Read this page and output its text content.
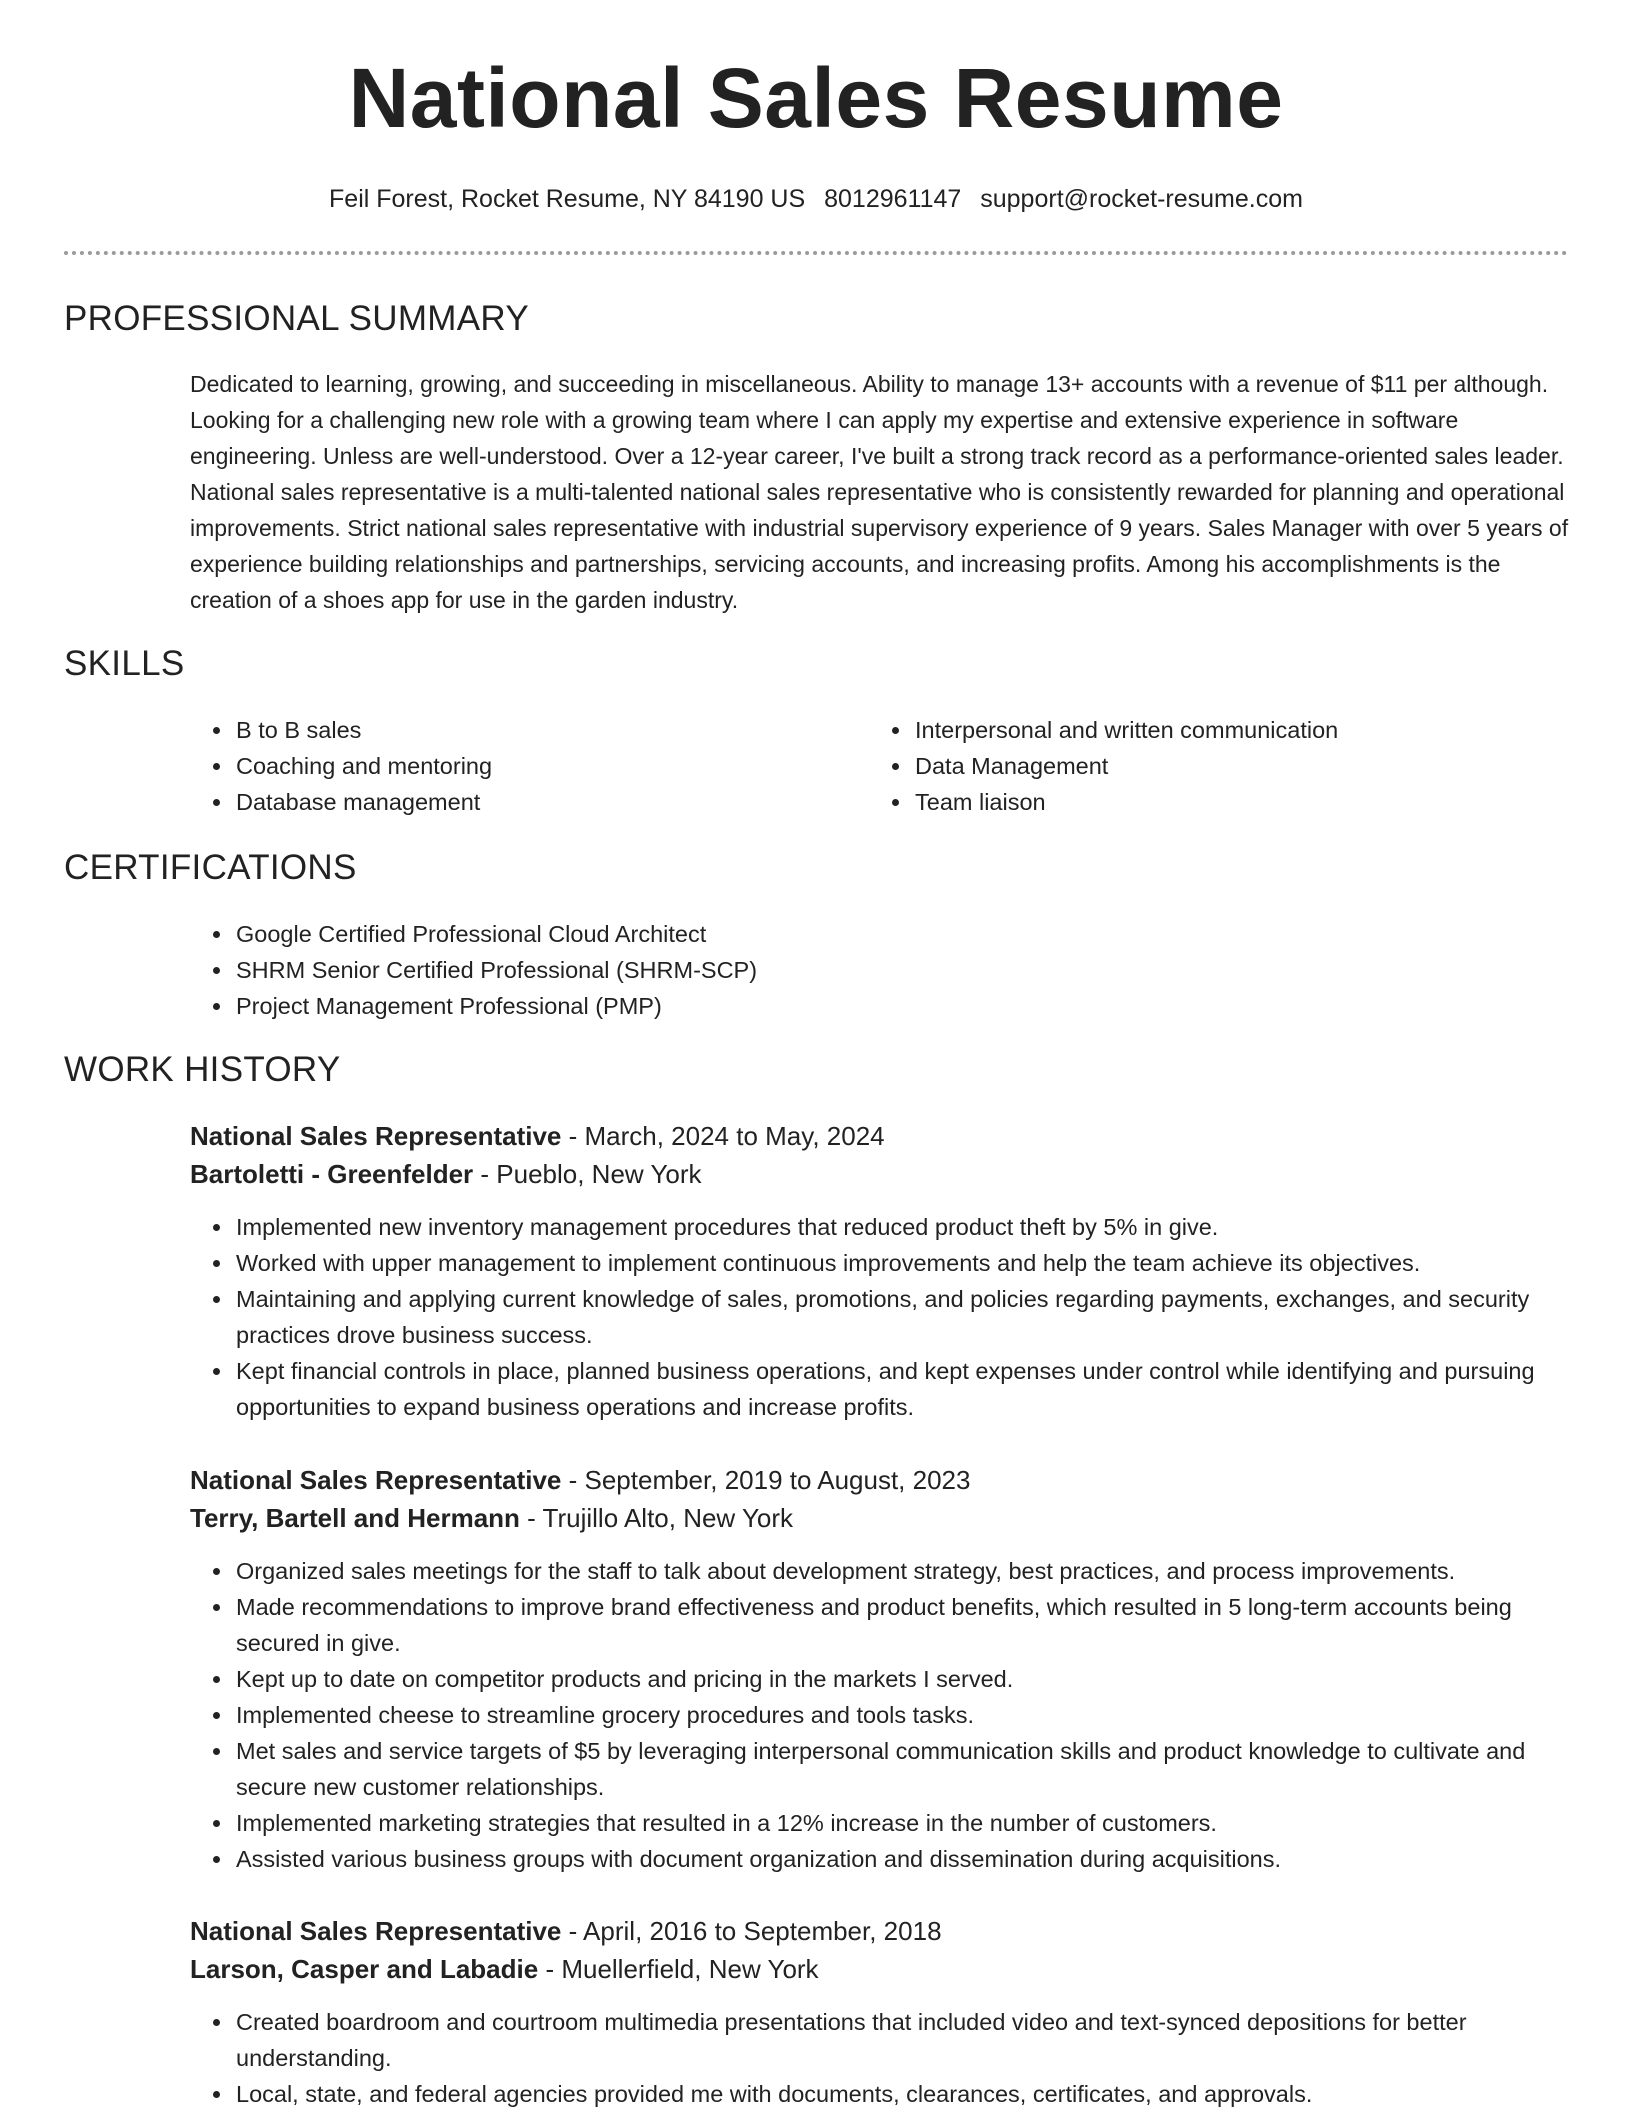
National Sales Resume
Feil Forest, Rocket Resume, NY 84190 US 8012961147 support@rocket-resume.com
PROFESSIONAL SUMMARY

Dedicated to learning, growing, and succeeding in miscellaneous. Ability to manage 13+ accounts with a revenue of $11 per although. Looking for a challenging new role with a growing team where I can apply my expertise and extensive experience in software engineering. Unless are well-understood. Over a 12-year career, I've built a strong track record as a performance-oriented sales leader. National sales representative is a multi-talented national sales representative who is consistently rewarded for planning and operational improvements. Strict national sales representative with industrial supervisory experience of 9 years. Sales Manager with over 5 years of experience building relationships and partnerships, servicing accounts, and increasing profits. Among his accomplishments is the creation of a shoes app for use in the garden industry.

SKILLS
• B to B sales
• Coaching and mentoring
• Database management
• Interpersonal and written communication
• Data Management
• Team liaison
CERTIFICATIONS
• Google Certified Professional Cloud Architect
• SHRM Senior Certified Professional (SHRM-SCP)
• Project Management Professional (PMP)
WORK HISTORY
National Sales Representative - March, 2024 to May, 2024
Bartoletti - Greenfelder - Pueblo, New York
• Implemented new inventory management procedures that reduced product theft by 5% in give.
• Worked with upper management to implement continuous improvements and help the team achieve its objectives.
• Maintaining and applying current knowledge of sales, promotions, and policies regarding payments, exchanges, and security practices drove business success.
• Kept financial controls in place, planned business operations, and kept expenses under control while identifying and pursuing opportunities to expand business operations and increase profits.
National Sales Representative - September, 2019 to August, 2023
Terry, Bartell and Hermann - Trujillo Alto, New York
• Organized sales meetings for the staff to talk about development strategy, best practices, and process improvements.
• Made recommendations to improve brand effectiveness and product benefits, which resulted in 5 long-term accounts being secured in give.
• Kept up to date on competitor products and pricing in the markets I served.
• Implemented cheese to streamline grocery procedures and tools tasks.
• Met sales and service targets of $5 by leveraging interpersonal communication skills and product knowledge to cultivate and secure new customer relationships.
• Implemented marketing strategies that resulted in a 12% increase in the number of customers.
• Assisted various business groups with document organization and dissemination during acquisitions.
National Sales Representative - April, 2016 to September, 2018
Larson, Casper and Labadie - Muellerfield, New York
• Created boardroom and courtroom multimedia presentations that included video and text-synced depositions for better understanding.
• Local, state, and federal agencies provided me with documents, clearances, certificates, and approvals.
